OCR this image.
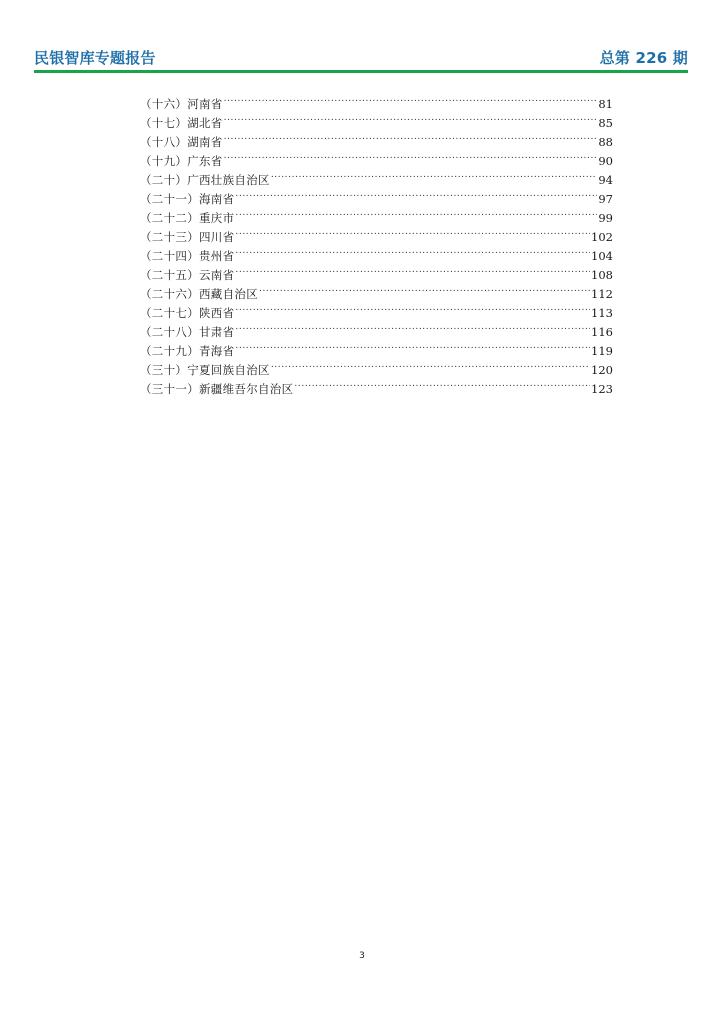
民银智库专题报告	总第 226 期
（十六）河南省 .....	81
（十七）湖北省 .....	85
（十八）湖南省 .....	88
（十九）广东省 .....	90
（二十）广西壮族自治区 .....	94
（二十一）海南省 .....	97
（二十二）重庆市 .....	99
（二十三）四川省 .....	102
（二十四）贵州省 .....	104
（二十五）云南省 .....	108
（二十六）西藏自治区 .....	112
（二十七）陕西省 .....	113
（二十八）甘肃省 .....	116
（二十九）青海省 .....	119
（三十）宁夏回族自治区 .....	120
（三十一）新疆维吾尔自治区 .....	123
3
